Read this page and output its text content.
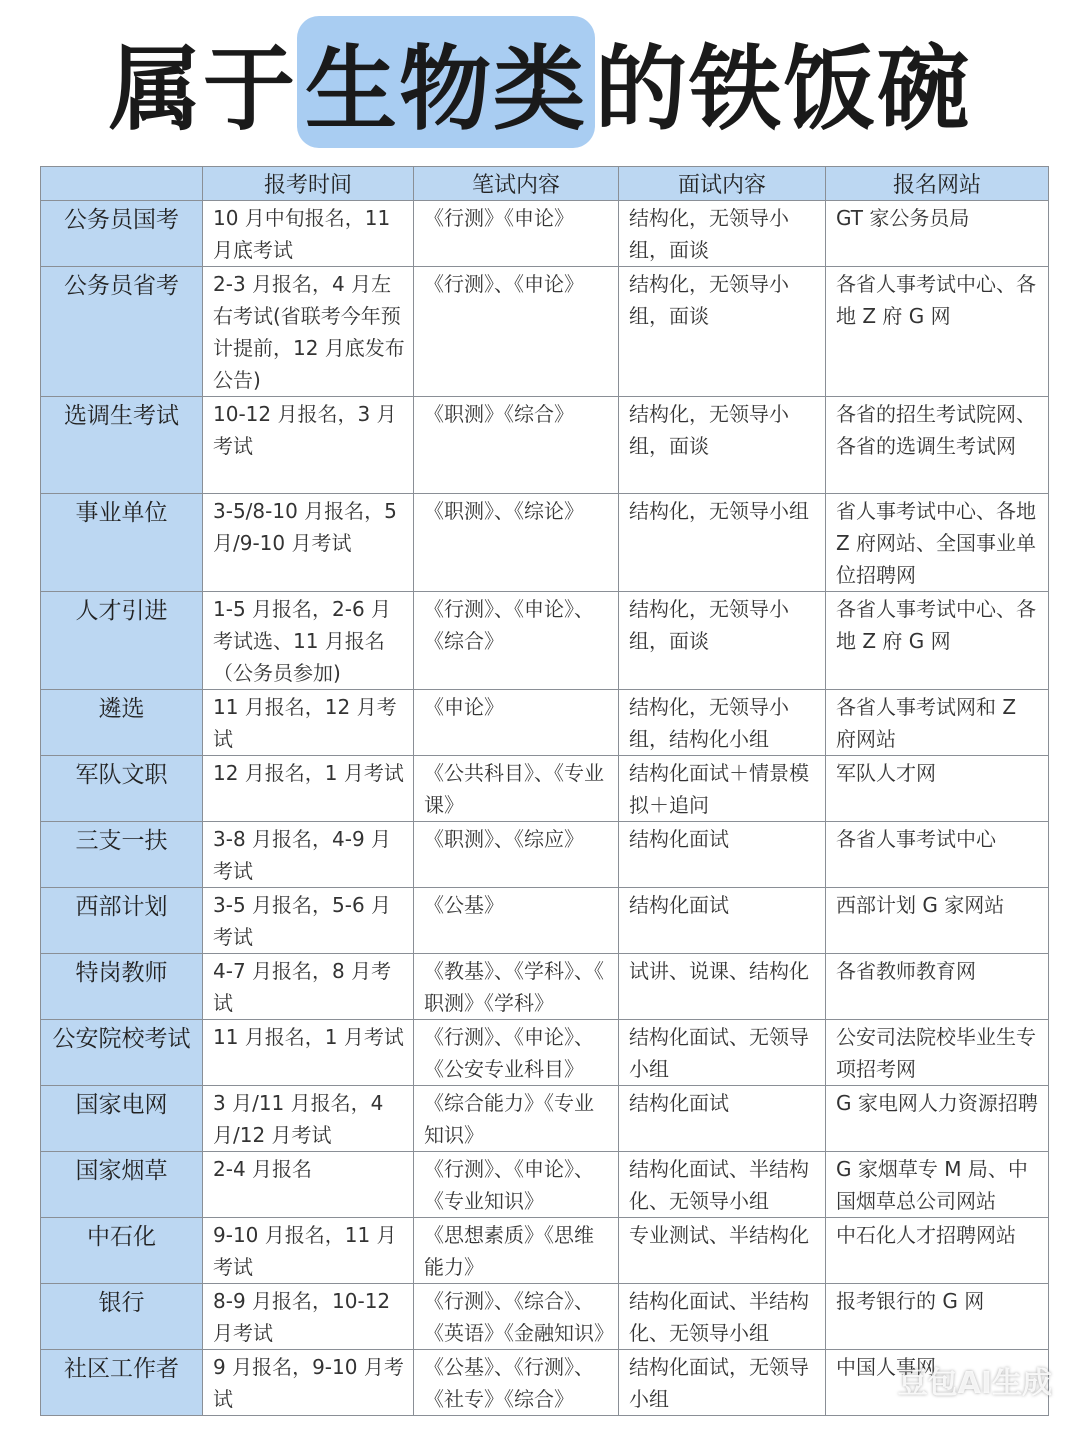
属于 生物类 的铁饭碗
	报考时间	笔试内容	面试内容	报名网站
公务员国考	10 月中旬报名，11 月底考试	《行测》《申论》	结构化，无领导小组，面谈	GT 家公务员局
公务员省考	2-3 月报名，4 月左右考试(省联考今年预计提前，12 月底发布公告)	《行测》、《申论》	结构化，无领导小组，面谈	各省人事考试中心、各地 Z 府 G 网
选调生考试	10-12 月报名，3 月考试	《职测》《综合》	结构化，无领导小组，面谈	各省的招生考试院网、各省的选调生考试网
事业单位	3-5/8-10 月报名，5 月/9-10 月考试	《职测》、《综论》	结构化，无领导小组	省人事考试中心、各地 Z 府网站、全国事业单位招聘网
人才引进	1-5 月报名，2-6 月考试选、11 月报名（公务员参加)	《行测》、《申论》、《综合》	结构化，无领导小组，面谈	各省人事考试中心、各地 Z 府 G 网
遴选	11 月报名，12 月考试	《申论》	结构化，无领导小组，结构化小组	各省人事考试网和 Z 府网站
军队文职	12 月报名，1 月考试	《公共科目》、《专业课》	结构化面试＋情景模拟＋追问	军队人才网
三支一扶	3-8 月报名，4-9 月考试	《职测》、《综应》	结构化面试	各省人事考试中心
西部计划	3-5 月报名，5-6 月考试	《公基》	结构化面试	西部计划 G 家网站
特岗教师	4-7 月报名，8 月考试	《教基》、《学科》、《 职测》《学科》	试讲、说课、结构化	各省教师教育网
公安院校考试	11 月报名，1 月考试	《行测》、《申论》、《公安专业科目》	结构化面试、无领导小组	公安司法院校毕业生专项招考网
国家电网	3 月/11 月报名，4 月/12 月考试	《综合能力》《专业知识》	结构化面试	G 家电网人力资源招聘
国家烟草	2-4 月报名	《行测》、《申论》、《专业知识》	结构化面试、半结构化、无领导小组	G 家烟草专 M 局、中国烟草总公司网站
中石化	9-10 月报名，11 月考试	《思想素质》《思维能力》	专业测试、半结构化	中石化人才招聘网站
银行	8-9 月报名，10-12 月考试	《行测》、《综合》、《英语》《金融知识》	结构化面试、半结构化、无领导小组	报考银行的 G 网
社区工作者	9 月报名，9-10 月考试	《公基》、《行测》、《社专》《综合》	结构化面试，无领导小组	中国人事网
豆包AI生成
